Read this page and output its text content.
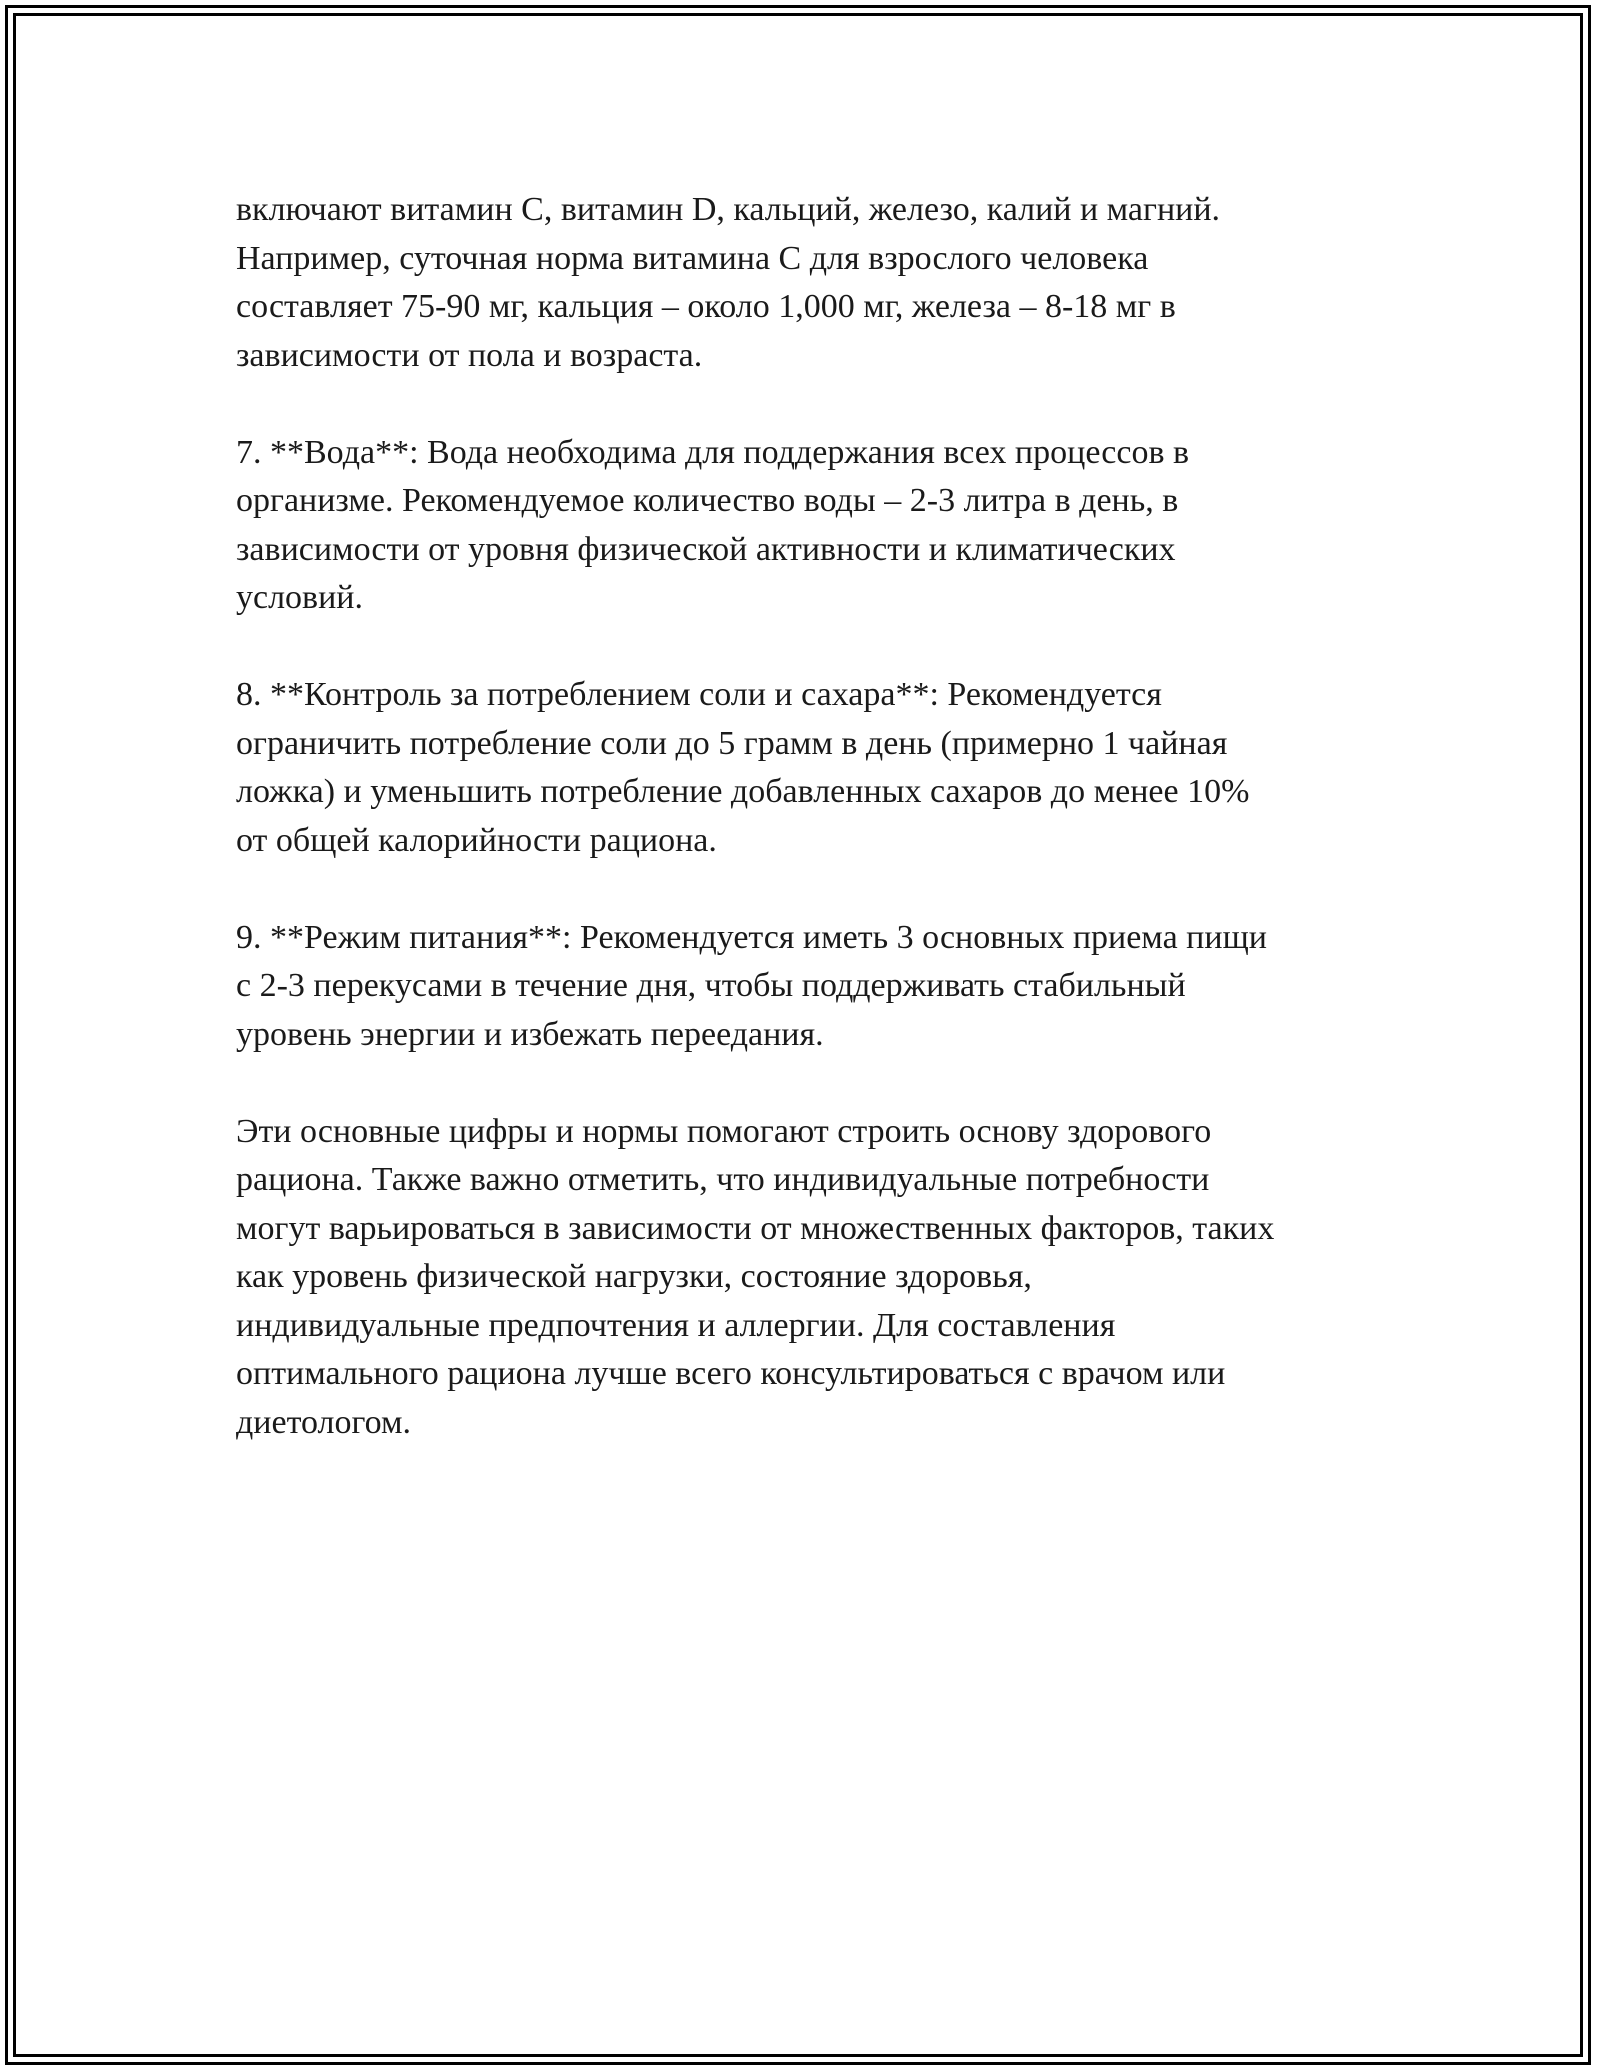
включают витамин C, витамин D, кальций, железо, калий и магний.
Например, суточная норма витамина C для взрослого человека
составляет 75-90 мг, кальция – около 1,000 мг, железа – 8-18 мг в
зависимости от пола и возраста.

7. **Вода**: Вода необходима для поддержания всех процессов в
организме. Рекомендуемое количество воды – 2-3 литра в день, в
зависимости от уровня физической активности и климатических
условий.

8. **Контроль за потреблением соли и сахара**: Рекомендуется
ограничить потребление соли до 5 грамм в день (примерно 1 чайная
ложка) и уменьшить потребление добавленных сахаров до менее 10%
от общей калорийности рациона.

9. **Режим питания**: Рекомендуется иметь 3 основных приема пищи
с 2-3 перекусами в течение дня, чтобы поддерживать стабильный
уровень энергии и избежать переедания.

Эти основные цифры и нормы помогают строить основу здорового
рациона. Также важно отметить, что индивидуальные потребности
могут варьироваться в зависимости от множественных факторов, таких
как уровень физической нагрузки, состояние здоровья,
индивидуальные предпочтения и аллергии. Для составления
оптимального рациона лучше всего консультироваться с врачом или
диетологом.
